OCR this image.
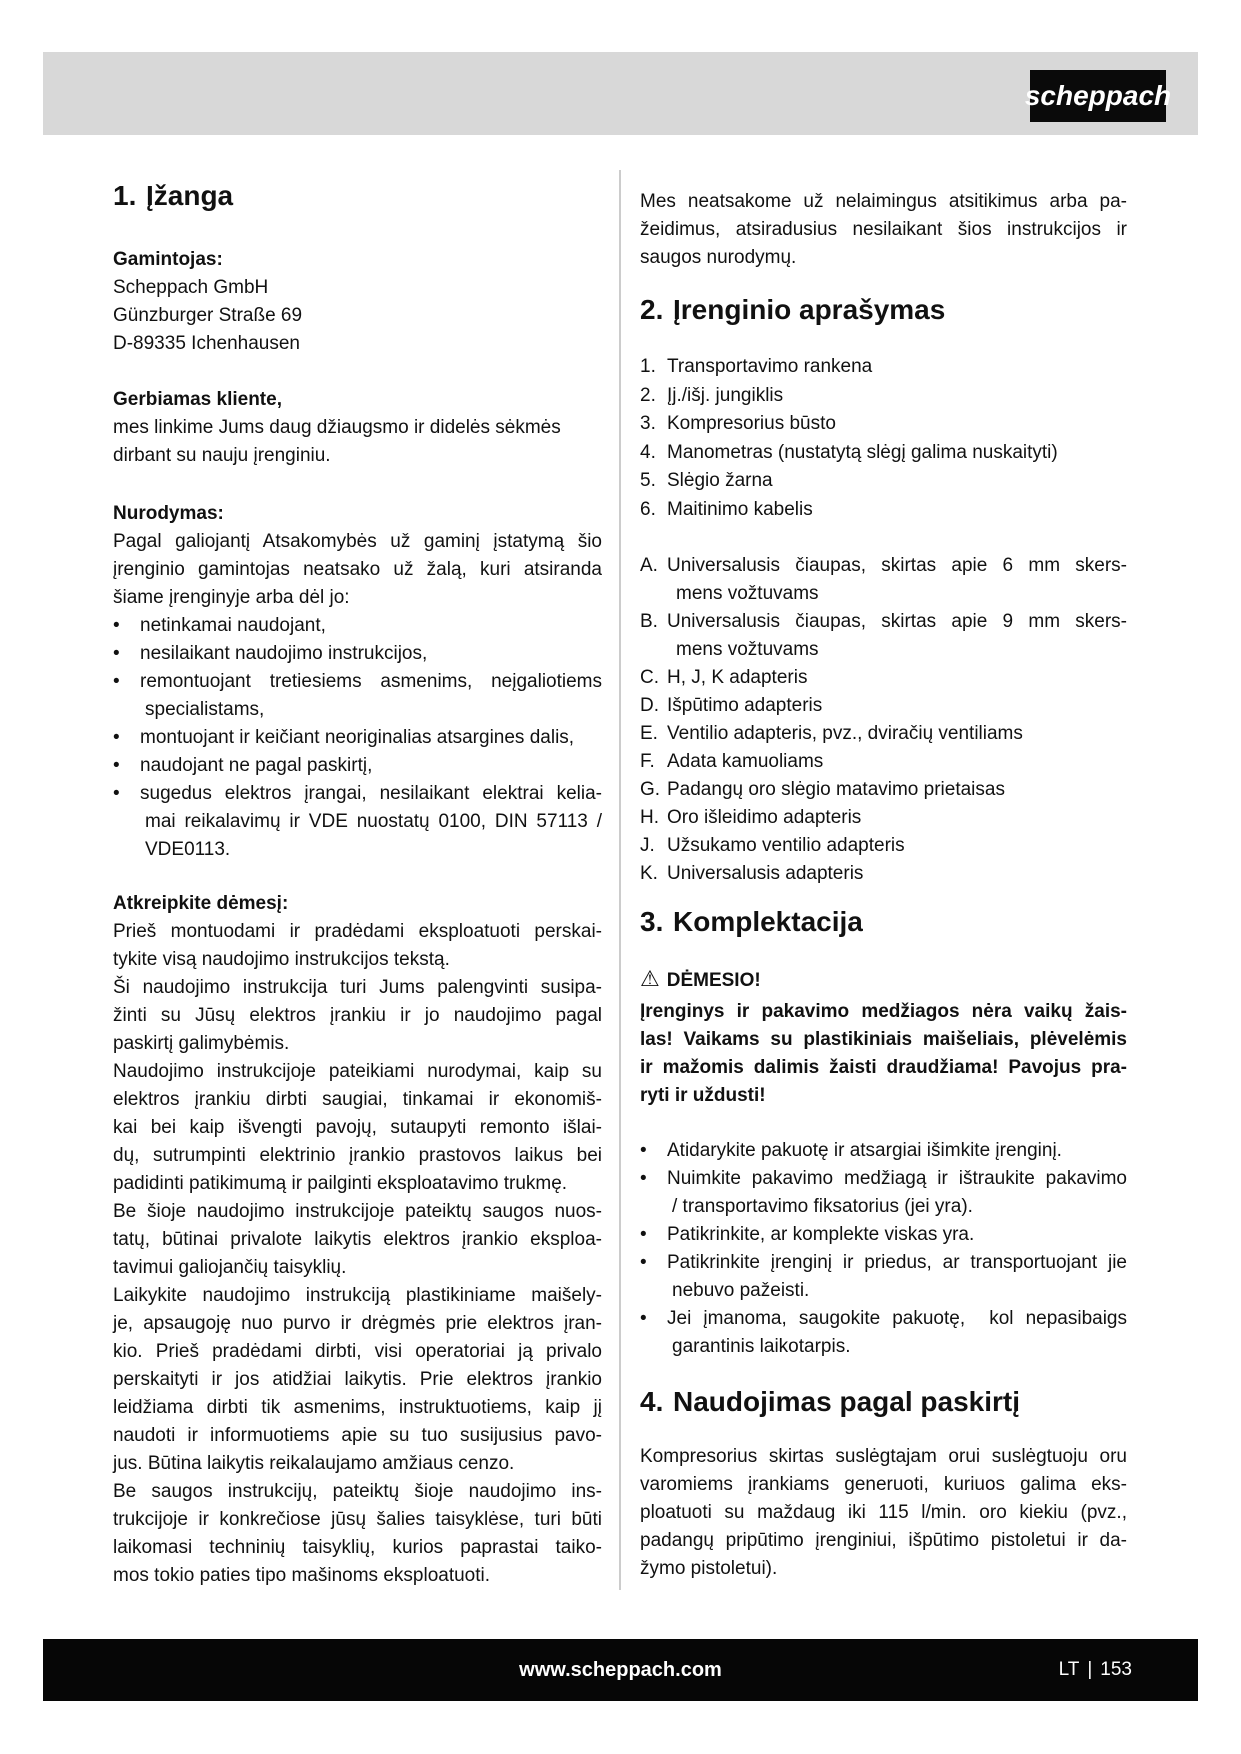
scheppach
1. Įžanga
Gamintojas:
Scheppach GmbH
Günzburger Straße 69
D-89335 Ichenhausen
Gerbiamas kliente,
mes linkime Jums daug džiaugsmo ir didelės sėkmės
dirbant su nauju įrenginiu.
Nurodymas:
Pagal galiojantį Atsakomybės už gaminį įstatymą šio
įrenginio gamintojas neatsako už žalą, kuri atsiranda
šiame įrenginyje arba dėl jo:
•	netinkamai naudojant,
•	nesilaikant naudojimo instrukcijos,
•	remontuojant tretiesiems asmenims, neįgaliotiems
specialistams,
•	montuojant ir keičiant neoriginalias atsargines dalis,
•	naudojant ne pagal paskirtį,
•	sugedus elektros įrangai, nesilaikant elektrai kelia-
mai reikalavimų ir VDE nuostatų 0100, DIN 57113 /
VDE0113.
Atkreipkite dėmesį:
Prieš montuodami ir pradėdami eksploatuoti perskai-
tykite visą naudojimo instrukcijos tekstą.
Ši naudojimo instrukcija turi Jums palengvinti susipa-
žinti su Jūsų elektros įrankiu ir jo naudojimo pagal
paskirtį galimybėmis.
Naudojimo instrukcijoje pateikiami nurodymai, kaip su
elektros įrankiu dirbti saugiai, tinkamai ir ekonomiš-
kai bei kaip išvengti pavojų, sutaupyti remonto išlai-
dų, sutrumpinti elektrinio įrankio prastovos laikus bei
padidinti patikimumą ir pailginti eksploatavimo trukmę.
Be šioje naudojimo instrukcijoje pateiktų saugos nuos-
tatų, būtinai privalote laikytis elektros įrankio eksploa-
tavimui galiojančių taisyklių.
Laikykite naudojimo instrukciją plastikiniame maišely-
je, apsaugoję nuo purvo ir drėgmės prie elektros įran-
kio. Prieš pradėdami dirbti, visi operatoriai ją privalo
perskaityti ir jos atidžiai laikytis. Prie elektros įrankio
leidžiama dirbti tik asmenims, instruktuotiems, kaip jį
naudoti ir informuotiems apie su tuo susijusius pavo-
jus. Būtina laikytis reikalaujamo amžiaus cenzo.
Be saugos instrukcijų, pateiktų šioje naudojimo ins-
trukcijoje ir konkrečiose jūsų šalies taisyklėse, turi būti
laikomasi techninių taisyklių, kurios paprastai taiko-
mos tokio paties tipo mašinoms eksploatuoti.
Mes neatsakome už nelaimingus atsitikimus arba pa-
žeidimus, atsiradusius nesilaikant šios instrukcijos ir
saugos nurodymų.
2. Įrenginio aprašymas
1. Transportavimo rankena
2. Įj./išj. jungiklis
3. Kompresorius būsto
4. Manometras (nustatytą slėgį galima nuskaityti)
5. Slėgio žarna
6. Maitinimo kabelis
A. Universalusis čiaupas, skirtas apie 6 mm skers-
mens vožtuvams
B. Universalusis čiaupas, skirtas apie 9 mm skers-
mens vožtuvams
C. H, J, K adapteris
D. Išpūtimo adapteris
E. Ventilio adapteris, pvz., dviračių ventiliams
F. Adata kamuoliams
G. Padangų oro slėgio matavimo prietaisas
H. Oro išleidimo adapteris
J. Užsukamo ventilio adapteris
K. Universalusis adapteris
3. Komplektacija
⚠ DĖMESIO!
Įrenginys ir pakavimo medžiagos nėra vaikų žais-
las! Vaikams su plastikiniais maišeliais, plėvelėmis
ir mažomis dalimis žaisti draudžiama! Pavojus pra-
ryti ir uždusti!
•	Atidarykite pakuotę ir atsargiai išimkite įrenginį.
•	Nuimkite pakavimo medžiagą ir ištraukite pakavimo
/ transportavimo fiksatorius (jei yra).
•	Patikrinkite, ar komplekte viskas yra.
•	Patikrinkite įrenginį ir priedus, ar transportuojant jie
nebuvo pažeisti.
•	Jei įmanoma, saugokite pakuotę,  kol nepasibaigs
garantinis laikotarpis.
4. Naudojimas pagal paskirtį
Kompresorius skirtas suslėgtajam orui suslėgtuoju oru
varomiems įrankiams generuoti, kuriuos galima eks-
ploatuoti su maždaug iki 115 l/min. oro kiekiu (pvz.,
padangų pripūtimo įrenginiui, išpūtimo pistoletui ir da-
žymo pistoletui).
www.scheppach.com	LT | 153
